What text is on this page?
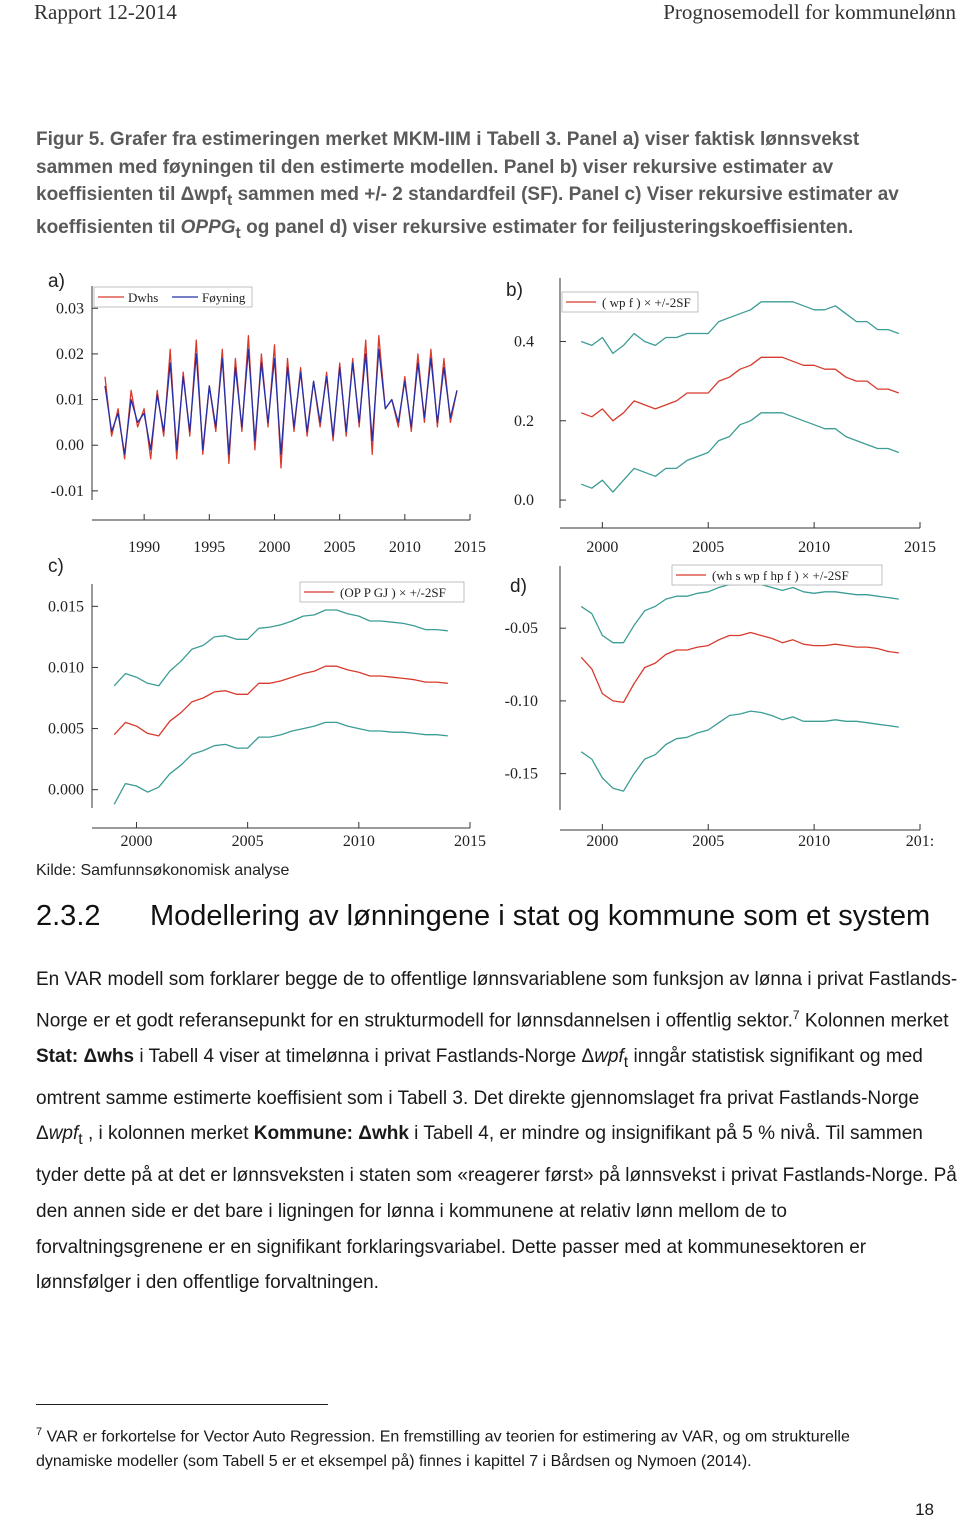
Rapport 12-2014	Prognosemodell for kommunelønn

Figur 5. Grafer fra estimeringen merket MKM-IIM i Tabell 3. Panel a) viser faktisk lønnsvekst
sammen med føyningen til den estimerte modellen. Panel b) viser rekursive estimater av
koeffisienten til Δwpf$_t$ sammen med +/- 2 standardfeil (SF). Panel c) Viser rekursive estimater av
koeffisienten til $OPPG_t$ og panel d) viser rekursive estimater for feiljusteringskoeffisienten.

a)	b)
c)
d)
0.03
0.02
0.01
0.00
-0.01
1990 1995 2000 2005 2010 2015
Dwhs	Føyning
0.4
0.2
0.0
2000	2005	2010	2015
( wp f ) × +/-2SF
0.015
0.010
0.005
0.000
2000	2005	2010	2015
(OP P GJ ) × +/-2SF
-0.05
-0.10
-0.15
2000	2005	2010	201:
(wh s wp f hp f ) × +/-2SF
Kilde: Samfunnsøkonomisk analyse
2.3.2 Modellering av lønningene i stat og kommune som et system

En VAR modell som forklarer begge de to offentlige lønnsvariablene som funksjon av lønna i privat Fastlands-Norge er et godt referansepunkt for en strukturmodell for lønnsdannelsen i offentlig sektor.$^7$ Kolonnen merket Stat: Δwhs i Tabell 4 viser at timelønna i privat Fastlands-Norge Δwpf$_t$ inngår statistisk signifikant og med omtrent samme estimerte koeffisient som i Tabell 3. Det direkte gjennomslaget fra privat Fastlands-Norge Δwpf$_t$ , i kolonnen merket Kommune: Δwhk i Tabell 4, er mindre og insignifikant på 5 % nivå. Til sammen tyder dette på at det er lønnsveksten i staten som «reagerer først» på lønnsvekst i privat Fastlands-Norge. På den annen side er det bare i ligningen for lønna i kommunene at relativ lønn mellom de to forvaltningsgrenene er en signifikant forklaringsvariabel. Dette passer med at kommunesektoren er lønnsfølger i den offentlige forvaltningen.

$^7$ VAR er forkortelse for Vector Auto Regression. En fremstilling av teorien for estimering av VAR, og om strukturelle dynamiske modeller (som Tabell 5 er et eksempel på) finnes i kapittel 7 i Bårdsen og Nymoen (2014).

18
